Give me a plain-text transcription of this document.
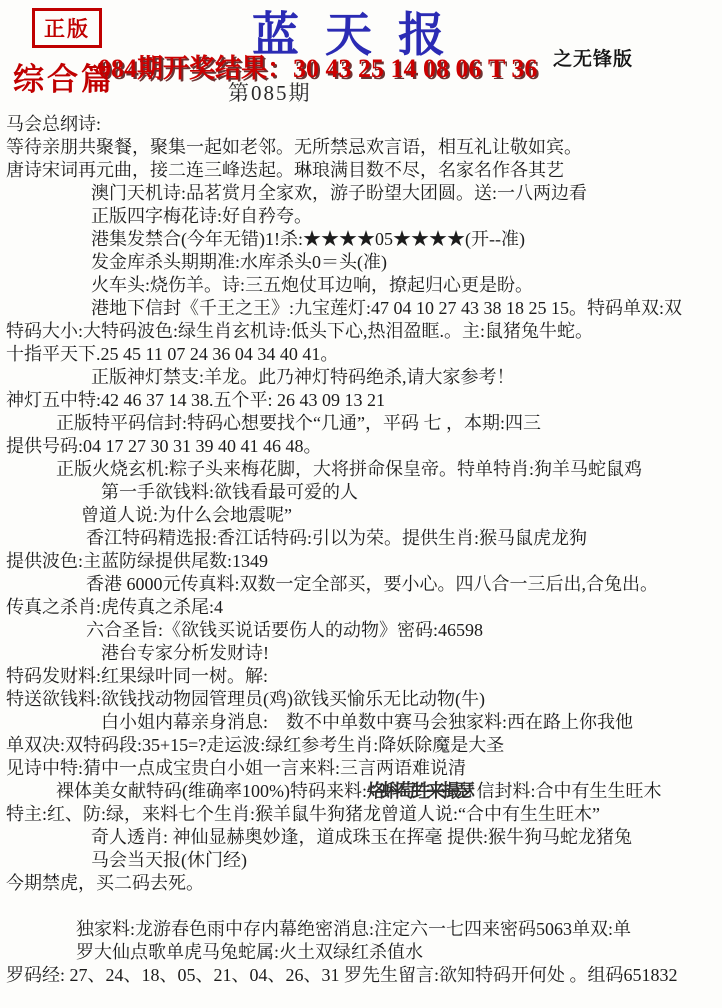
正版	蓝天报	之无锋版
084期开奖结果：30 43 25 14 08 06 T 36
综合篇	第085期
马会总纲诗:
等待亲朋共聚餐，聚集一起如老邻。无所禁忌欢言语，相互礼让敬如宾。
唐诗宋词再元曲，接二连三峰迭起。琳琅满目数不尽，名家名作各其艺
澳门天机诗:品茗赏月全家欢，游子盼望大团圆。送:一八两边看
正版四字梅花诗:好自矜夸。
港集发禁合(今年无错)1!杀:★★★★05★★★★(开--准)
发金库杀头期期准:水库杀头0＝头(准)
火车头:烧伤羊。诗:三五炮仗耳边响，撩起归心更是盼。
港地下信封《千王之王》:九宝莲灯:47 04 10 27 43 38 18 25 15。特码单双:双
特码大小:大特码波色:绿生肖玄机诗:低头下心,热泪盈眶.。主:鼠猪兔牛蛇。
十指平天下.25 45 11 07 24 36 04 34 40 41。
正版神灯禁支:羊龙。此乃神灯特码绝杀,请大家参考！
神灯五中特:42 46 37 14 38.五个平: 26 43 09 13 21
正版特平码信封:特码心想要找个“几通”，平码 七 ，本期:四三
提供号码:04 17 27 30 31 39 40 41 46 48。
正版火烧玄机:粽子头来梅花脚，大将拼命保皇帝。特单特肖:狗羊马蛇鼠鸡
第一手欲钱料:欲钱看最可爱的人
曾道人说:为什么会地震呢”
香江特码精选报:香江话特码:引以为荣。提供生肖:猴马鼠虎龙狗
提供波色:主蓝防绿提供尾数:1349
香港 6000元传真料:双数一定全部买，要小心。四八合一三后出,合兔出。
传真之杀肖:虎传真之杀尾:4
六合圣旨:《欲钱买说话要伤人的动物》密码:46598
港台专家分析发财诗!
特码发财料:红果绿叶同一树。解:
特送欲钱料:欲钱找动物园管理员(鸡)欲钱买愉乐无比动物(牛)
白小姐内幕亲身消息:　数不中单数中赛马会独家料:西在路上你我他
单双决:双特码段:35+15=?走运波:绿红参考生肖:降妖除魔是大圣
见诗中特:猜中一点成宝贵白小姐一言来料:三言两语难说清
裸体美女献特码(维确率100%)特码来料:烙蝌萄甡来撮瑟 信封料:合中有生生旺木
特主:红、防:绿，来料七个生肖:猴羊鼠牛狗猪龙曾道人说:“合中有生生旺木”
奇人透肖: 神仙显赫奥妙逢，道成珠玉在挥毫 提供:猴牛狗马蛇龙猪兔
马会当天报(休门经)
今期禁虎，买二码去死。
独家料:龙游春色雨中存内幕绝密消息:注定六一七四来密码5063单双:单
罗大仙点歌单虎马兔蛇属:火土双绿红杀值水
罗码经: 27、24、18、05、21、04、26、31 罗先生留言:欲知特码开何处 。组码651832
